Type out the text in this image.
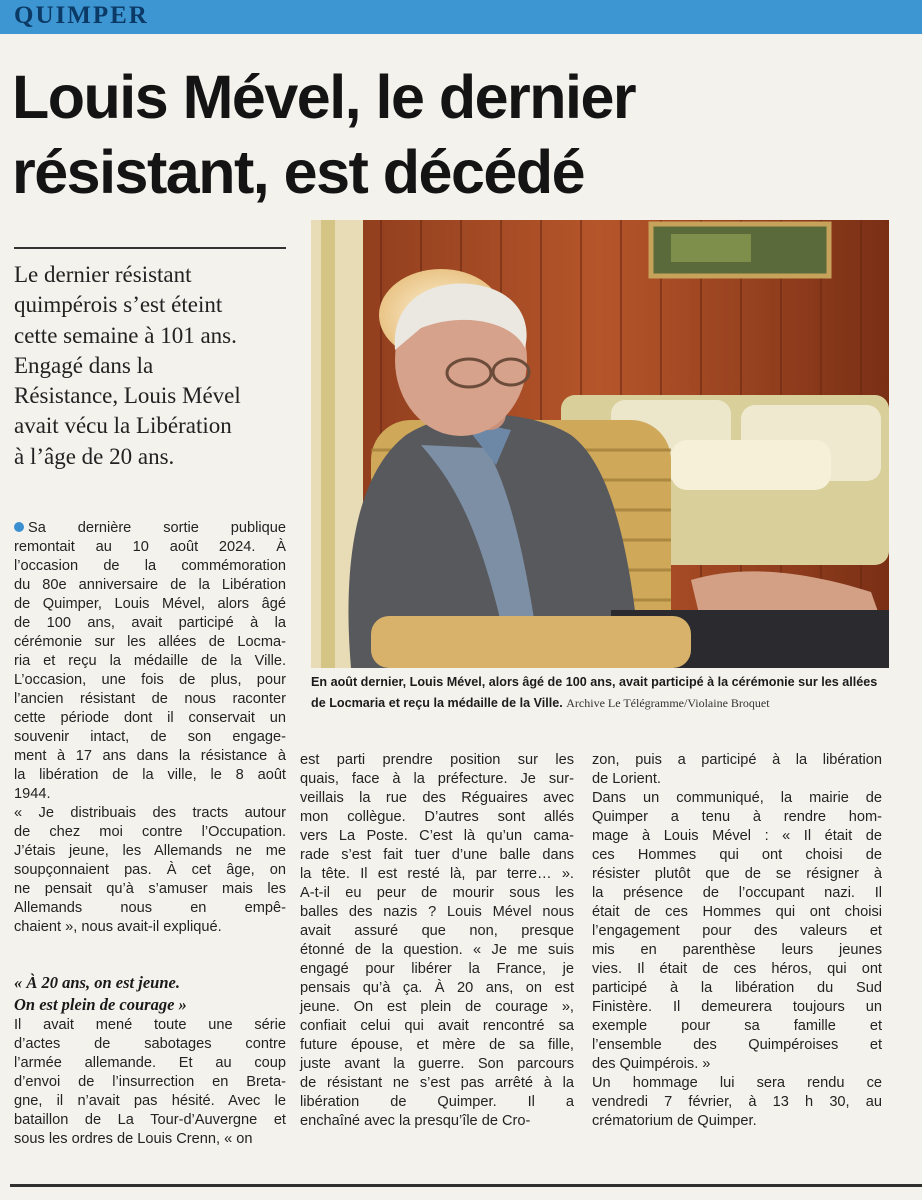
QUIMPER
Louis Mével, le dernier
résistant, est décédé
Le dernier résistant
quimpérois s’est éteint
cette semaine à 101 ans.
Engagé dans la
Résistance, Louis Mével
avait vécu la Libération
à l’âge de 20 ans.

En août dernier, Louis Mével, alors âgé de 100 ans, avait participé à la cérémonie sur les allées de Locmaria et reçu la médaille de la Ville. Archive Le Télégramme/Violaine Broquet

Sa dernière sortie publique
remontait au 10 août 2024. À
l’occasion de la commémoration
du 80e anniversaire de la Libération
de Quimper, Louis Mével, alors âgé
de 100 ans, avait participé à la
cérémonie sur les allées de Locma-
ria et reçu la médaille de la Ville.
L’occasion, une fois de plus, pour
l’ancien résistant de nous raconter
cette période dont il conservait un
souvenir intact, de son engage-
ment à 17 ans dans la résistance à
la libération de la ville, le 8 août
1944.

« Je distribuais des tracts autour
de chez moi contre l’Occupation.
J’étais jeune, les Allemands ne me
soupçonnaient pas. À cet âge, on
ne pensait qu’à s’amuser mais les
Allemands nous en empê-
chaient », nous avait-il expliqué.

« À 20 ans, on est jeune.
On est plein de courage »

Il avait mené toute une série
d’actes de sabotages contre
l’armée allemande. Et au coup
d’envoi de l’insurrection en Breta-
gne, il n’avait pas hésité. Avec le
bataillon de La Tour-d’Auvergne et
sous les ordres de Louis Crenn, « on

est parti prendre position sur les
quais, face à la préfecture. Je sur-
veillais la rue des Réguaires avec
mon collègue. D’autres sont allés
vers La Poste. C’est là qu’un cama-
rade s’est fait tuer d’une balle dans
la tête. Il est resté là, par terre… ».
A-t-il eu peur de mourir sous les
balles des nazis ? Louis Mével nous
avait assuré que non, presque
étonné de la question. « Je me suis
engagé pour libérer la France, je
pensais qu’à ça. À 20 ans, on est
jeune. On est plein de courage »,
confiait celui qui avait rencontré sa
future épouse, et mère de sa fille,
juste avant la guerre. Son parcours
de résistant ne s’est pas arrêté à la
libération de Quimper. Il a
enchaîné avec la presqu’île de Cro-

zon, puis a participé à la libération
de Lorient.

Dans un communiqué, la mairie de
Quimper a tenu à rendre hom-
mage à Louis Mével : « Il était de
ces Hommes qui ont choisi de
résister plutôt que de se résigner à
la présence de l’occupant nazi. Il
était de ces Hommes qui ont choisi
l’engagement pour des valeurs et
mis en parenthèse leurs jeunes
vies. Il était de ces héros, qui ont
participé à la libération du Sud
Finistère. Il demeurera toujours un
exemple pour sa famille et
l’ensemble des Quimpéroises et
des Quimpérois. »

Un hommage lui sera rendu ce
vendredi 7 février, à 13 h 30, au
crématorium de Quimper.
